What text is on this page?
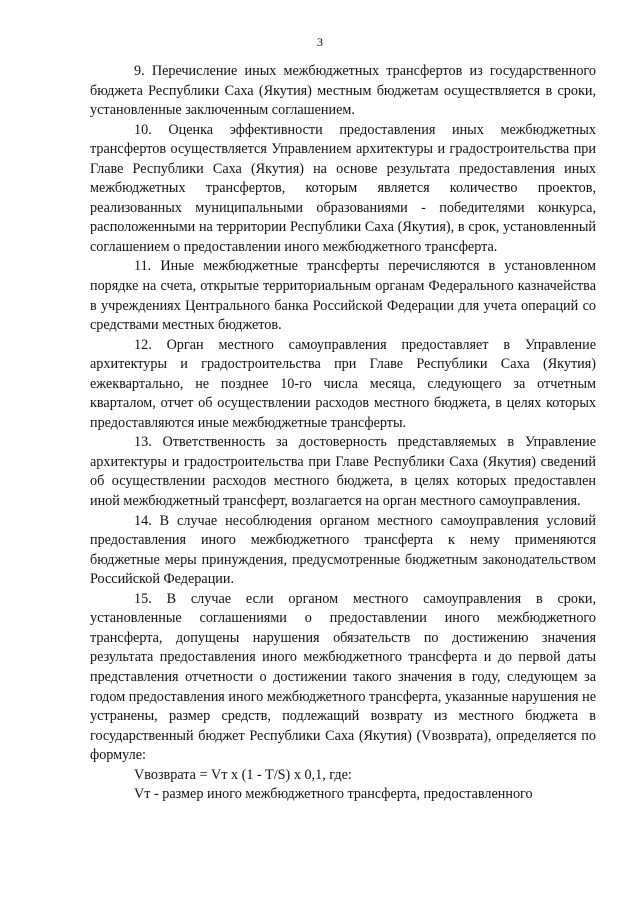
3

9. Перечисление иных межбюджетных трансфертов из государственного бюджета Республики Саха (Якутия) местным бюджетам осуществляется в сроки, установленные заключенным соглашением.

10. Оценка эффективности предоставления иных межбюджетных трансфертов осуществляется Управлением архитектуры и градостроительства при Главе Республики Саха (Якутия) на основе результата предоставления иных межбюджетных трансфертов, которым является количество проектов, реализованных муниципальными образованиями - победителями конкурса, расположенными на территории Республики Саха (Якутия), в срок, установленный соглашением о предоставлении иного межбюджетного трансферта.

11. Иные межбюджетные трансферты перечисляются в установленном порядке на счета, открытые территориальным органам Федерального казначейства в учреждениях Центрального банка Российской Федерации для учета операций со средствами местных бюджетов.

12. Орган местного самоуправления предоставляет в Управление архитектуры и градостроительства при Главе Республики Саха (Якутия) ежеквартально, не позднее 10-го числа месяца, следующего за отчетным кварталом, отчет об осуществлении расходов местного бюджета, в целях которых предоставляются иные межбюджетные трансферты.

13. Ответственность за достоверность представляемых в Управление архитектуры и градостроительства при Главе Республики Саха (Якутия) сведений об осуществлении расходов местного бюджета, в целях которых предоставлен иной межбюджетный трансферт, возлагается на орган местного самоуправления.

14. В случае несоблюдения органом местного самоуправления условий предоставления иного межбюджетного трансферта к нему применяются бюджетные меры принуждения, предусмотренные бюджетным законодательством Российской Федерации.

15. В случае если органом местного самоуправления в сроки, установленные соглашениями о предоставлении иного межбюджетного трансферта, допущены нарушения обязательств по достижению значения результата предоставления иного межбюджетного трансферта и до первой даты представления отчетности о достижении такого значения в году, следующем за годом предоставления иного межбюджетного трансферта, указанные нарушения не устранены, размер средств, подлежащий возврату из местного бюджета в государственный бюджет Республики Саха (Якутия) (Vвозврата), определяется по формуле:

Vвозврата = Vт x (1 - T/S) x 0,1, где:

Vт - размер иного межбюджетного трансферта, предоставленного
